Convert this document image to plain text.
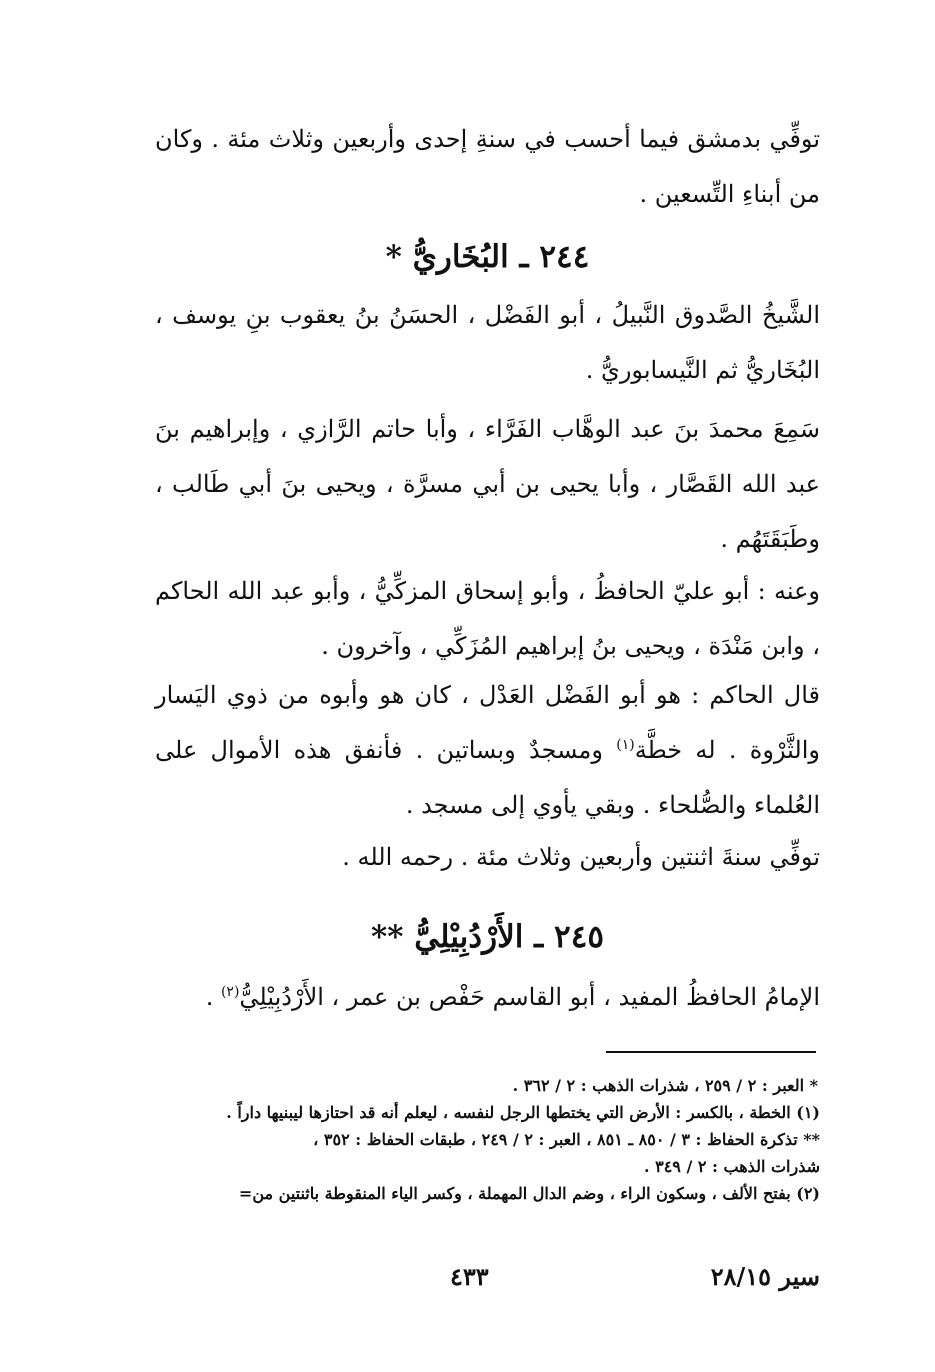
توفِّي بدمشق فيما أحسب في سنةِ إحدى وأربعين وثلاث مئة . وكان من أبناءِ التِّسعين .

٢٤٤ ـ البُخَاريُّ *

الشَّيخُ الصَّدوق النَّبيلُ ، أبو الفَضْل ، الحسَنُ بنُ يعقوب بنِ يوسف ، البُخَاريُّ ثم النَّيسابوريُّ .

سَمِعَ محمدَ بنَ عبد الوهَّاب الفَرَّاء ، وأبا حاتم الرَّازي ، وإبراهيم بنَ عبد الله القَصَّار ، وأبا يحيى بن أبي مسرَّة ، ويحيى بنَ أبي طَالب ، وطَبَقَتَهُم .

وعنه : أبو عليّ الحافظُ ، وأبو إسحاق المزكِّيُّ ، وأبو عبد الله الحاكم ، وابن مَنْدَة ، ويحيى بنُ إبراهيم المُزَكِّي ، وآخرون .

قال الحاكم : هو أبو الفَضْل العَدْل ، كان هو وأبوه من ذوي اليَسار والثَّرْوة . له خطَّة$^{(١)}$ ومسجدٌ وبساتين . فأنفق هذه الأموال على العُلماء والصُّلحاء . وبقي يأوي إلى مسجد .

توفِّي سنةَ اثنتين وأربعين وثلاث مئة . رحمه الله .

٢٤٥ ـ الأَرْدُبِيْلِيُّ **

الإمامُ الحافظُ المفيد ، أبو القاسم حَفْص بن عمر ، الأَرْدُبِيْلِيُّ$^{(٢)}$ .

* العبر : ٢ / ٢٥٩ ، شذرات الذهب : ٢ / ٣٦٢ .

(١) الخطة ، بالكسر : الأرض التي يختطها الرجل لنفسه ، ليعلم أنه قد احتازها ليبنيها داراً .

** تذكرة الحفاظ : ٣ / ٨٥٠ ـ ٨٥١ ، العبر : ٢ / ٢٤٩ ، طبقات الحفاظ : ٣٥٢ ،

شذرات الذهب : ٢ / ٣٤٩ .

(٢) بفتح الألف ، وسكون الراء ، وضم الدال المهملة ، وكسر الياء المنقوطة باثنتين من=

سير ٢٨/١٥
٤٣٣
